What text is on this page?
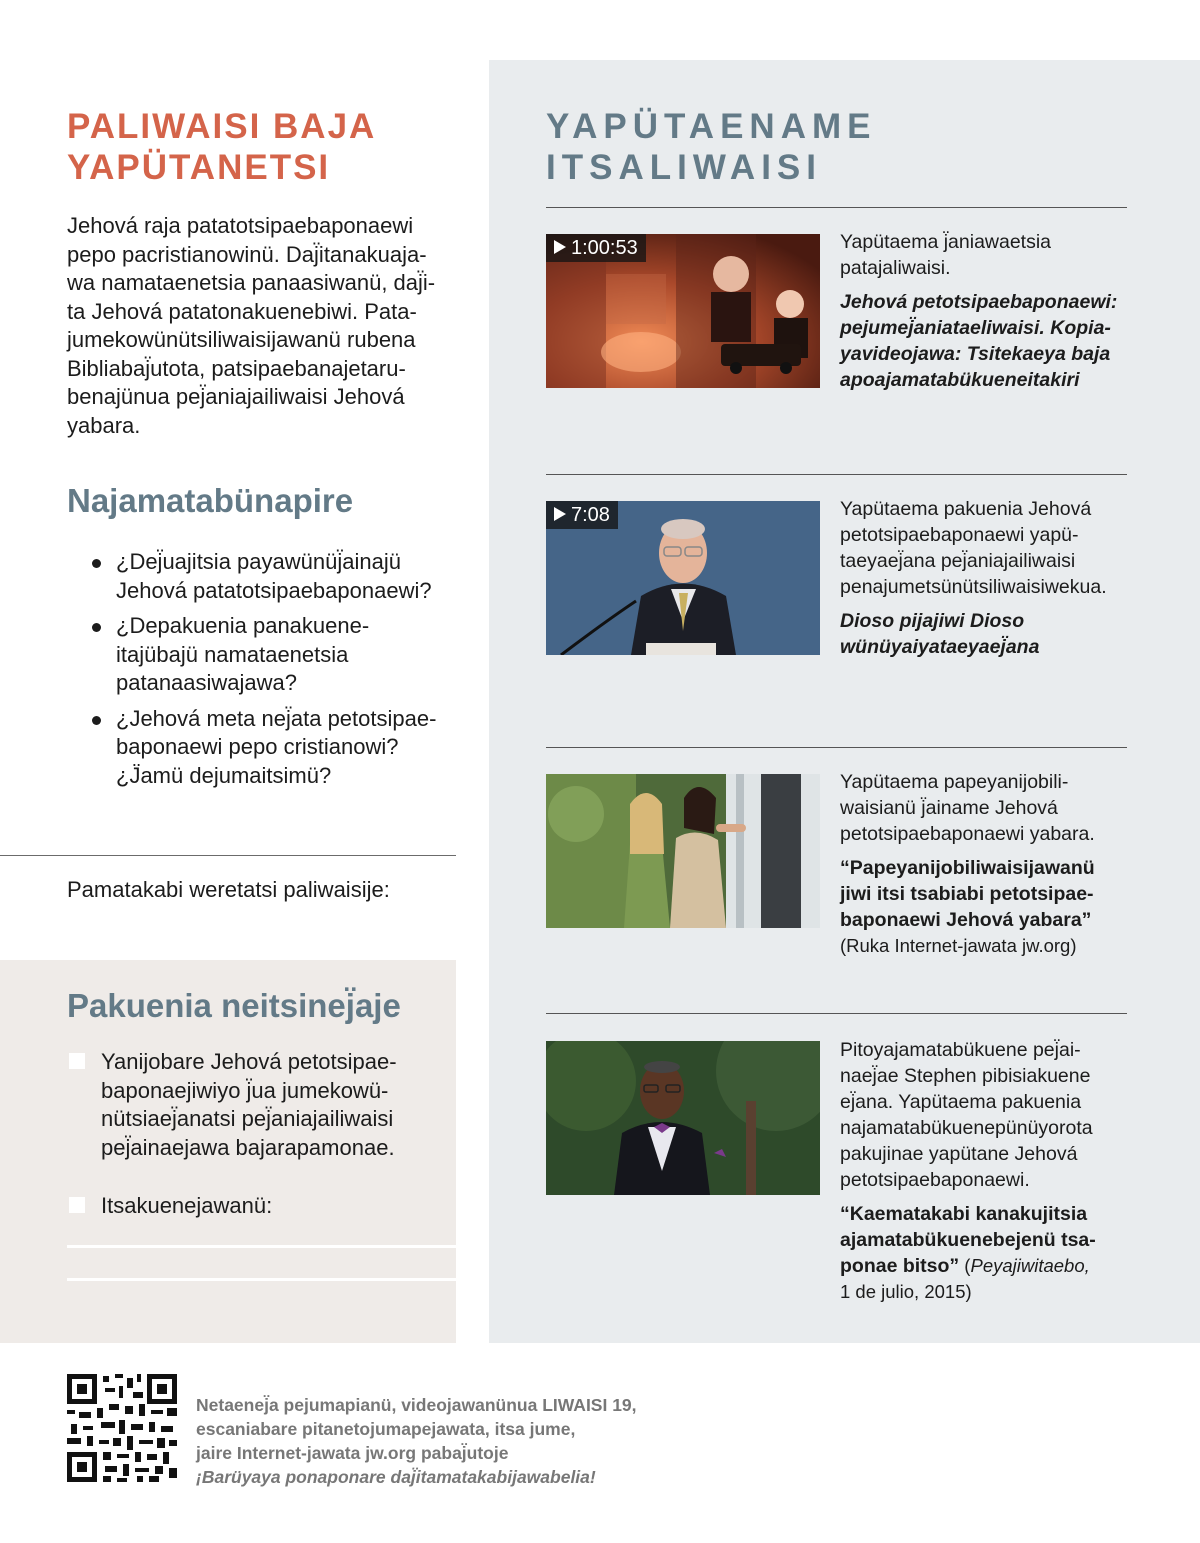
PALIWAISI BAJA
YAPÜTANETSI

Jehová raja patatotsipaebaponaewi
pepo pacristianowinü. Daj̈itanakuaja-
wa namataenetsia panaasiwanü, daj̈i-
ta Jehová patatonakuenebiwi. Pata-
jumekowünütsiliwaisijawanü rubena
Bibliabaj̈utota, patsipaebanajetaru-
benajünua pej̈aniajailiwaisi Jehová
yabara.

Najamatabünapire
¿Dej̈uajitsia payawünüj̈ainajü
Jehová patatotsipaebaponaewi?
¿Depakuenia panakuene-
itajübajü namataenetsia
patanaasiwajawa?
¿Jehová meta nej̈ata petotsipae-
baponaewi pepo cristianowi?
¿J̈amü dejumaitsimü?
Pamatakabi weretatsi paliwaisije:
Pakuenia neitsinej̈aje
Yanijobare Jehová petotsipae-
baponaejiwiyo j̈ua jumekowü-
nütsiaej̈anatsi pej̈aniajailiwaisi
pej̈ainaejawa bajarapamonae.
Itsakuenejawanü:
YAPÜTAENAME
ITSALIWAISI
1:00:53	Yapütaema j̈aniawaetsia
patajaliwaisi.
Jehová petotsipaebaponaewi:
pejumej̈aniataeliwaisi. Kopia-
yavideojawa: Tsitekaeya baja
apoajamatabükueneitakiri
7:08	Yapütaema pakuenia Jehová
petotsipaebaponaewi yapü-
taeyaej̈ana pej̈aniajailiwaisi
penajumetsünütsiliwaisiwekua.
Dioso pijajiwi Dioso
wünüyaiyataeyaej̈ana
Yapütaema papeyanijobili-
waisianü j̈ainame Jehová
petotsipaebaponaewi yabara.
“Papeyanijobiliwaisijawanü
jiwi itsi tsabiabi petotsipae-
baponaewi Jehová yabara”
(Ruka Internet-jawata jw.org)
Pitoyajamatabükuene pej̈ai-
naej̈ae Stephen pibisiakuene
ej̈ana. Yapütaema pakuenia
najamatabükuenepünüyorota
pakujinae yapütane Jehová
petotsipaebaponaewi.
“Kaematakabi kanakujitsia
ajamatabükuenebejenü tsa-
ponae bitso” (Peyajiwitaebo,
1 de julio, 2015)
Netaenej̈a pejumapianü, videojawanünua LIWAISI 19,
escaniabare pitanetojumapejawata, itsa jume,
jaire Internet-jawata jw.org pabaj̈utoje
¡Barüyaya ponaponare daj̈itamatakabijawabelia!
